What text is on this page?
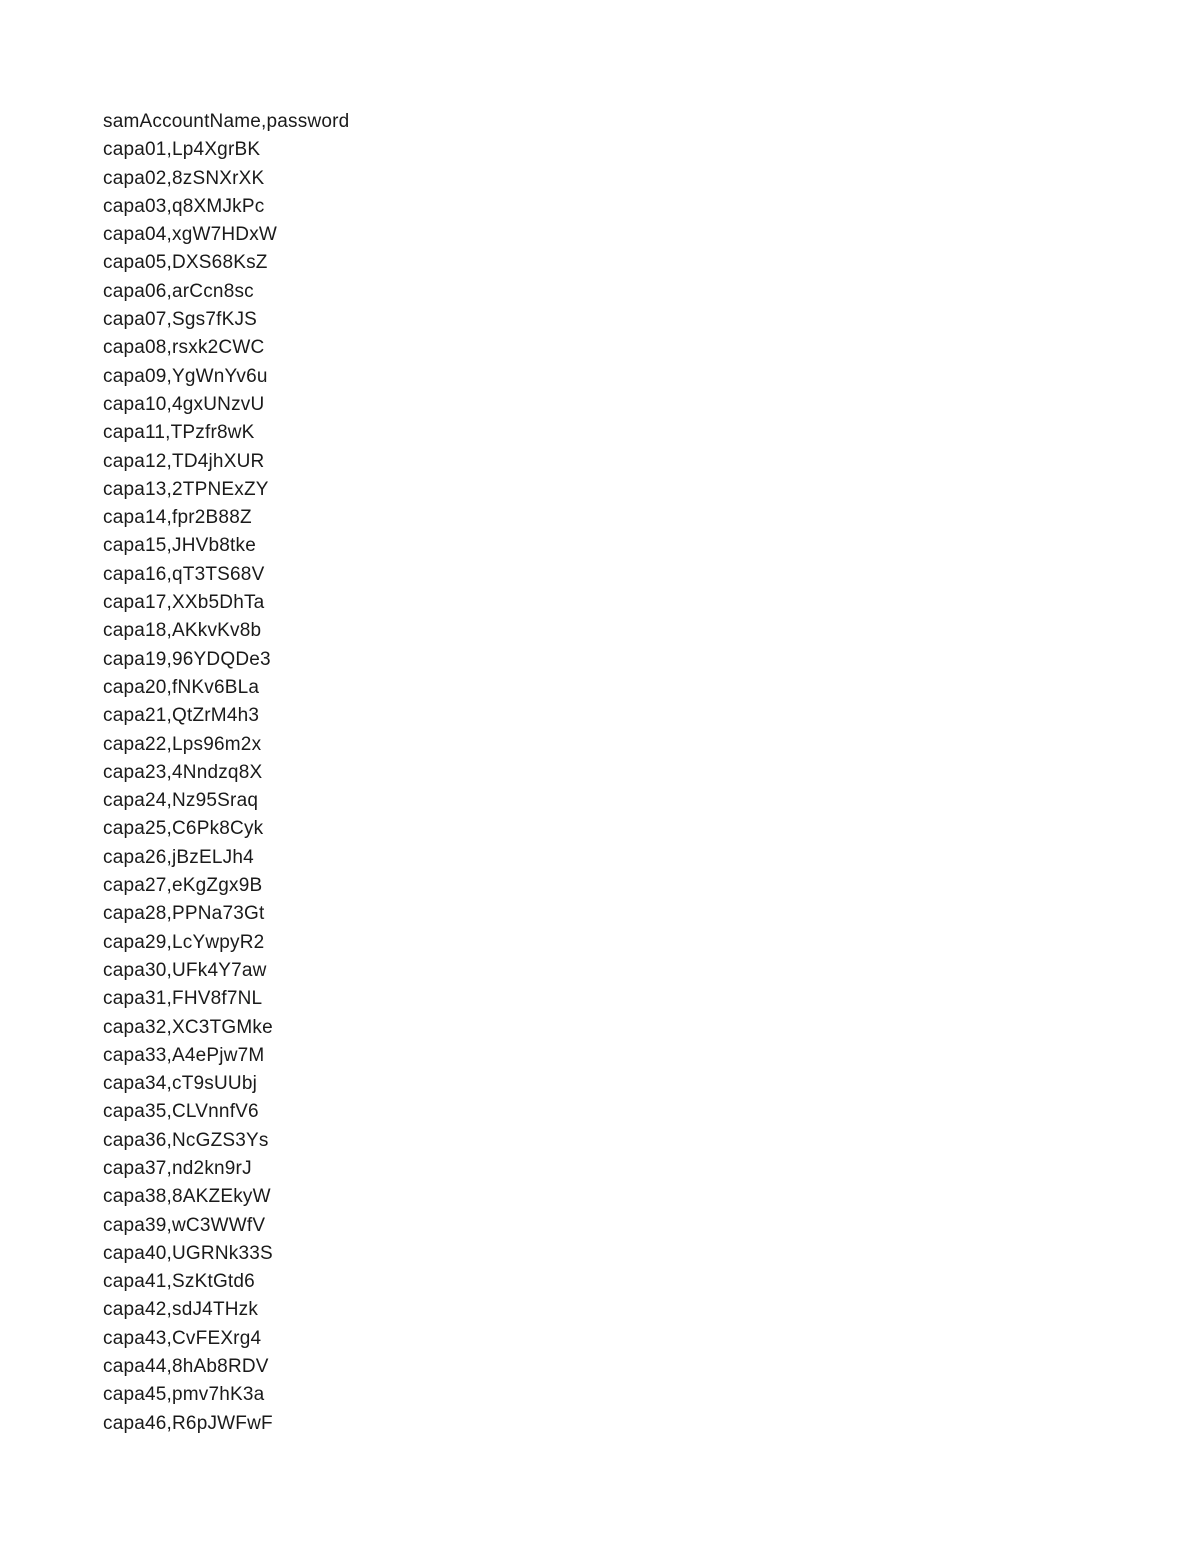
samAccountName,password
capa01,Lp4XgrBK
capa02,8zSNXrXK
capa03,q8XMJkPc
capa04,xgW7HDxW
capa05,DXS68KsZ
capa06,arCcn8sc
capa07,Sgs7fKJS
capa08,rsxk2CWC
capa09,YgWnYv6u
capa10,4gxUNzvU
capa11,TPzfr8wK
capa12,TD4jhXUR
capa13,2TPNExZY
capa14,fpr2B88Z
capa15,JHVb8tke
capa16,qT3TS68V
capa17,XXb5DhTa
capa18,AKkvKv8b
capa19,96YDQDe3
capa20,fNKv6BLa
capa21,QtZrM4h3
capa22,Lps96m2x
capa23,4Nndzq8X
capa24,Nz95Sraq
capa25,C6Pk8Cyk
capa26,jBzELJh4
capa27,eKgZgx9B
capa28,PPNa73Gt
capa29,LcYwpyR2
capa30,UFk4Y7aw
capa31,FHV8f7NL
capa32,XC3TGMke
capa33,A4ePjw7M
capa34,cT9sUUbj
capa35,CLVnnfV6
capa36,NcGZS3Ys
capa37,nd2kn9rJ
capa38,8AKZEkyW
capa39,wC3WWfV
capa40,UGRNk33S
capa41,SzKtGtd6
capa42,sdJ4THzk
capa43,CvFEXrg4
capa44,8hAb8RDV
capa45,pmv7hK3a
capa46,R6pJWFwF
